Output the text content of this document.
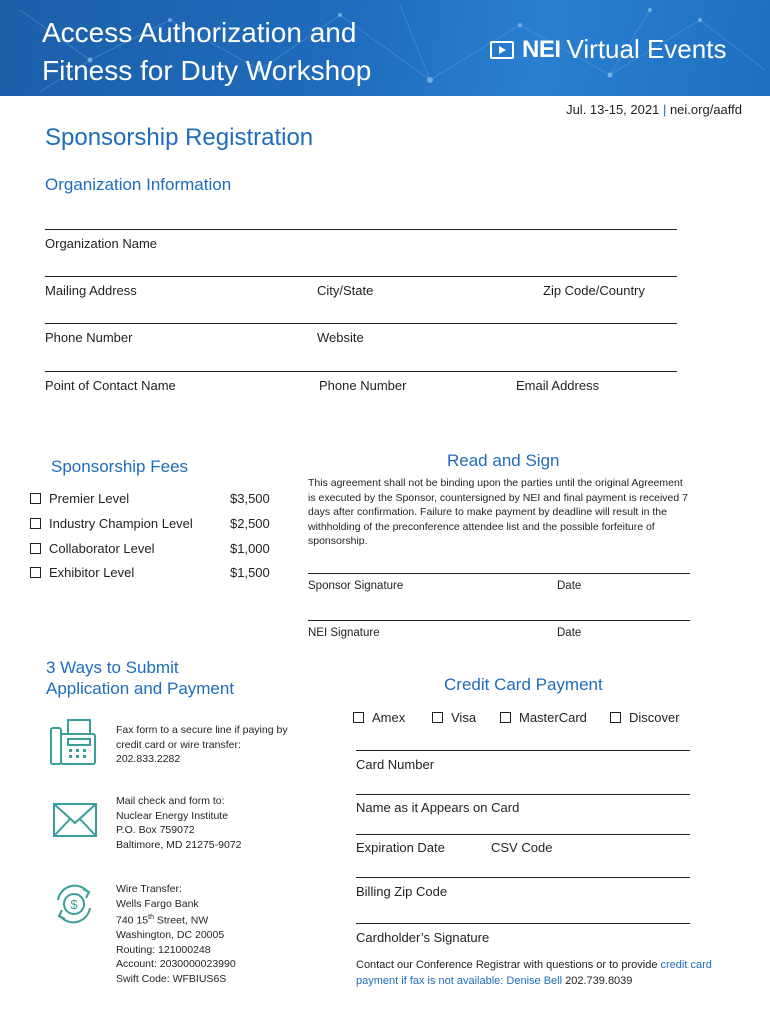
Access Authorization and
Fitness for Duty Workshop
NEI Virtual Events
Jul. 13-15, 2021 | nei.org/aaffd
Sponsorship Registration
Organization Information
Organization Name
Mailing Address	City/State	Zip Code/Country
Phone Number	Website
Point of Contact Name	Phone Number	Email Address
Sponsorship Fees
Premier Level	$3,500
Industry Champion Level	$2,500
Collaborator Level	$1,000
Exhibitor Level	$1,500
Read and Sign
This agreement shall not be binding upon the parties until the original Agreement is executed by the Sponsor, countersigned by NEI and final payment is received 7 days after confirmation. Failure to make payment by deadline will result in the withholding of the preconference attendee list and the possible forfeiture of sponsorship.
Sponsor Signature	Date
NEI Signature	Date
3 Ways to Submit
Application and Payment
Fax form to a secure line if paying by
credit card or wire transfer:
202.833.2282
Mail check and form to:
Nuclear Energy Institute
P.O. Box 759072
Baltimore, MD 21275-9072
$
Wire Transfer:
Wells Fargo Bank
740 15th Street, NW
Washington, DC 20005
Routing: 121000248
Account: 2030000023990
Swift Code: WFBIUS6S
Credit Card Payment
Amex	Visa	MasterCard	Discover
Card Number
Name as it Appears on Card
Expiration Date	CSV Code
Billing Zip Code
Cardholder’s Signature
Contact our Conference Registrar with questions or to provide credit card payment if fax is not available: Denise Bell 202.739.8039
